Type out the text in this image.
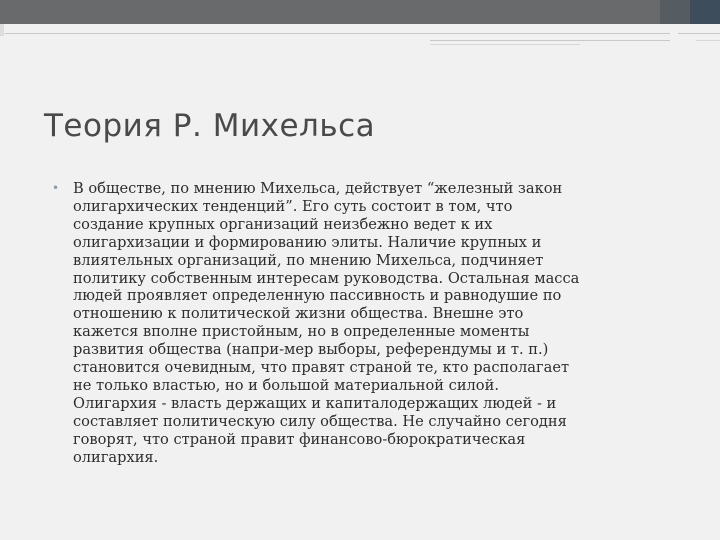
Теория Р. Михельса
• В обществе, по мнению Михельса, действует “железный закон
олигархических тенденций”. Его суть состоит в том, что
создание крупных организаций неизбежно ведет к их
олигархизации и формированию элиты. Наличие крупных и
влиятельных организаций, по мнению Михельса, подчиняет
политику собственным интересам руководства. Остальная масса
людей проявляет определенную пассивность и равнодушие по
отношению к политической жизни общества. Внешне это
кажется вполне пристойным, но в определенные моменты
развития общества (напри-мер выборы, референдумы и т. п.)
становится очевидным, что правят страной те, кто располагает
не только властью, но и большой материальной силой.
Олигархия - власть держащих и капиталодержащих людей - и
составляет политическую силу общества. Не случайно сегодня
говорят, что страной правит финансово-бюрократическая
олигархия.
